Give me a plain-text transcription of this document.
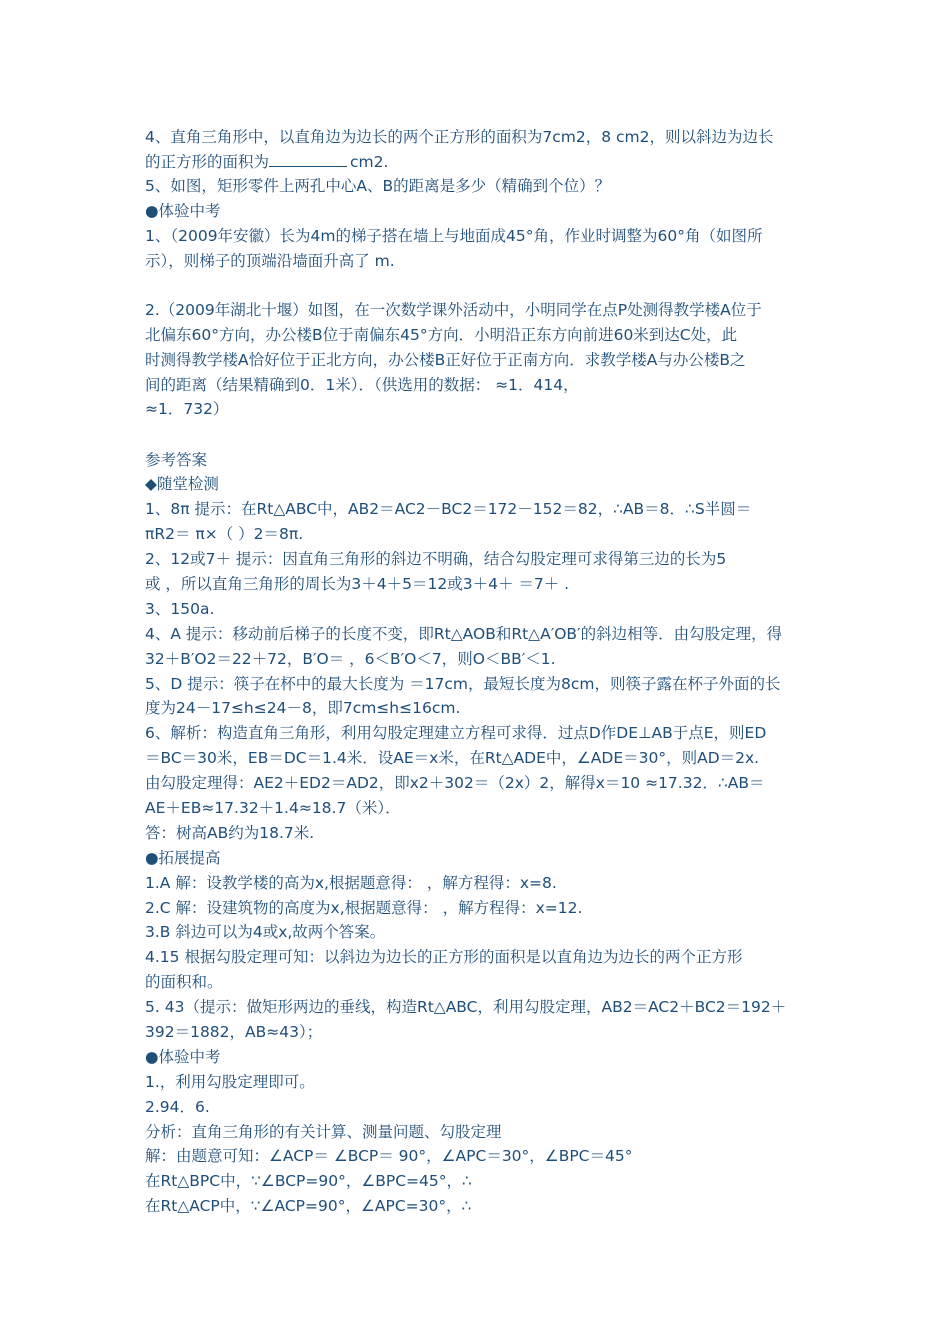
4、直角三角形中，以直角边为边长的两个正方形的面积为7cm2，8 cm2，则以斜边为边长
的正方形的面积为	cm2.
5、如图，矩形零件上两孔中心A、B的距离是多少（精确到个位）？
●体验中考
1、（2009年安徽）长为4m的梯子搭在墙上与地面成45°角，作业时调整为60°角（如图所
示），则梯子的顶端沿墙面升高了 m.
2.（2009年湖北十堰）如图，在一次数学课外活动中，小明同学在点P处测得教学楼A位于
北偏东60°方向，办公楼B位于南偏东45°方向．小明沿正东方向前进60米到达C处，此
时测得教学楼A恰好位于正北方向，办公楼B正好位于正南方向．求教学楼A与办公楼B之
间的距离（结果精确到0．1米）．（供选用的数据： ≈1．414，
≈1．732）
参考答案
◆随堂检测
1、8π 提示：在Rt△ABC中，AB2＝AC2－BC2＝172－152＝82，∴AB＝8．∴S半圆＝
πR2＝ π×（ ）2＝8π.
2、12或7＋ 提示：因直角三角形的斜边不明确，结合勾股定理可求得第三边的长为5
或 ，所以直角三角形的周长为3＋4＋5＝12或3＋4＋ ＝7＋ .
3、150a.
4、A 提示：移动前后梯子的长度不变，即Rt△AOB和Rt△A′OB′的斜边相等．由勾股定理，得
32＋B′O2＝22＋72，B′O＝ ，6＜B′O＜7，则O＜BB′＜1.
5、D 提示：筷子在杯中的最大长度为 ＝17cm，最短长度为8cm，则筷子露在杯子外面的长
度为24－17≤h≤24－8，即7cm≤h≤16cm.
6、解析：构造直角三角形，利用勾股定理建立方程可求得．过点D作DE⊥AB于点E，则ED
＝BC＝30米，EB＝DC＝1.4米．设AE＝x米，在Rt△ADE中，∠ADE＝30°，则AD＝2x.
由勾股定理得：AE2＋ED2＝AD2，即x2＋302＝（2x）2，解得x＝10 ≈17.32．∴AB＝
AE＋EB≈17.32＋1.4≈18.7（米）．
答：树高AB约为18.7米.
●拓展提高
1.A 解：设教学楼的高为x,根据题意得： ，解方程得：x=8.
2.C 解：设建筑物的高度为x,根据题意得： ，解方程得：x=12.
3.B 斜边可以为4或x,故两个答案。
4.15 根据勾股定理可知：以斜边为边长的正方形的面积是以直角边为边长的两个正方形
的面积和。
5. 43（提示：做矩形两边的垂线，构造Rt△ABC，利用勾股定理，AB2＝AC2＋BC2＝192＋
392＝1882，AB≈43）；
●体验中考
1.，利用勾股定理即可。
2.94．6.
分析：直角三角形的有关计算、测量问题、勾股定理
解：由题意可知：∠ACP＝ ∠BCP＝ 90°，∠APC＝30°，∠BPC＝45°
在Rt△BPC中，∵∠BCP=90°，∠BPC=45°，∴
在Rt△ACP中，∵∠ACP=90°，∠APC=30°，∴
